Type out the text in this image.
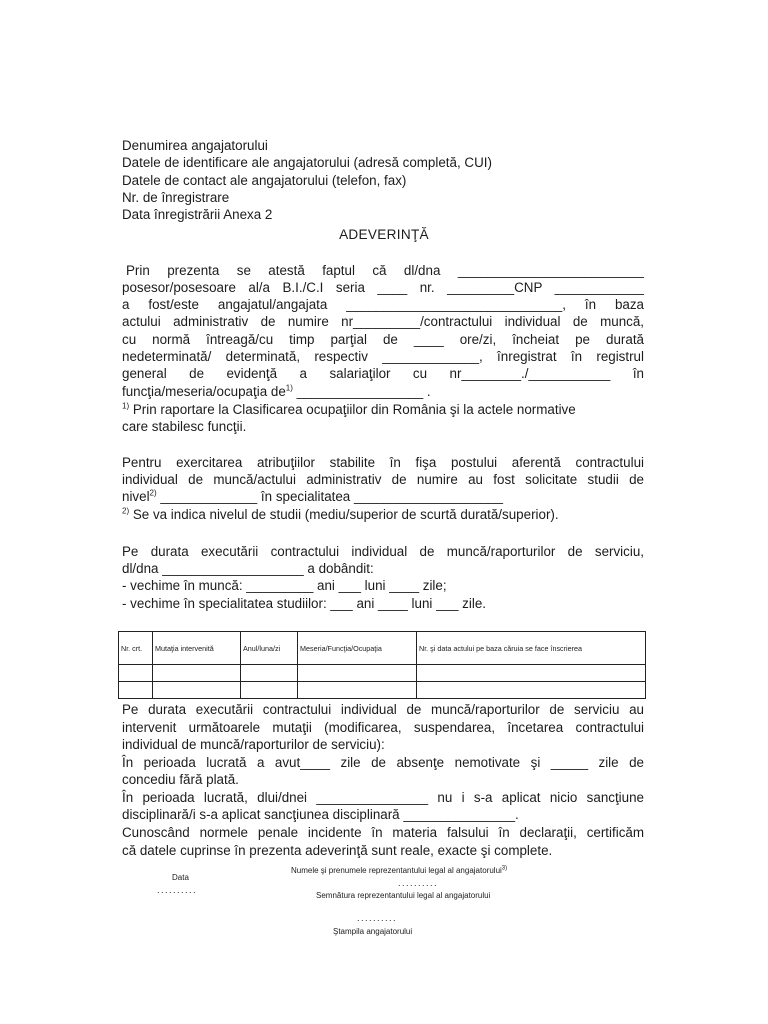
Denumirea angajatorului
Datele de identificare ale angajatorului (adresă completă, CUI)
Datele de contact ale angajatorului (telefon, fax)
Nr. de înregistrare
Data înregistrării Anexa 2
ADEVERINŢĂ
Prin prezenta se atestă faptul că dl/dna _________________________
posesor/posesoare al/a B.I./C.I seria ____ nr. _________CNP ____________
a fost/este angajatul/angajata _____________________________, în baza
actului administrativ de numire nr_________/contractului individual de muncă,
cu normă întreagă/cu timp parţial de ____ ore/zi, încheiat pe durată
nedeterminată/ determinată, respectiv _____________, înregistrat în registrul
general de evidenţă a salariaţilor cu nr________./___________ în
funcţia/meseria/ocupaţia $de^{1)}$ _________________ .
$^{1)}$ Prin raportare la Clasificarea ocupaţiilor din România şi la actele normative
care stabilesc funcţii.
Pentru exercitarea atribuţiilor stabilite în fişa postului aferentă contractului
individual de muncă/actului administrativ de numire au fost solicitate studii de
nivel$^{2)}$ _____________ în specialitatea ____________________
$^{2)}$ Se va indica nivelul de studii (mediu/superior de scurtă durată/superior).
Pe durata executării contractului individual de muncă/raporturilor de serviciu,
dl/dna ___________________ a dobândit:
- vechime în muncă: _________ ani ___ luni ____ zile;
- vechime în specialitatea studiilor: ___ ani ____ luni ___ zile.
Nr. crt.	Mutaţia intervenită	Anul/luna/zi	Meseria/Funcţia/Ocupaţia	Nr. şi data actului pe baza căruia se face înscrierea

Pe durata executării contractului individual de muncă/raporturilor de serviciu au
intervenit următoarele mutaţii (modificarea, suspendarea, încetarea contractului
individual de muncă/raporturilor de serviciu):
În perioada lucrată a avut____ zile de absenţe nemotivate şi _____ zile de
concediu fără plată.
În perioada lucrată, dlui/dnei _______________ nu i s-a aplicat nicio sancţiune
disciplinară/i s-a aplicat sancţiunea disciplinară _______________.
Cunoscând normele penale incidente în materia falsului în declaraţii, certificăm
că datele cuprinse în prezenta adeverinţă sunt reale, exacte şi complete.
Data
..........
Numele şi prenumele reprezentantului legal al angajatorului$^{3)}$
..........
Semnătura reprezentantului legal al angajatorului
..........
Ştampila angajatorului
